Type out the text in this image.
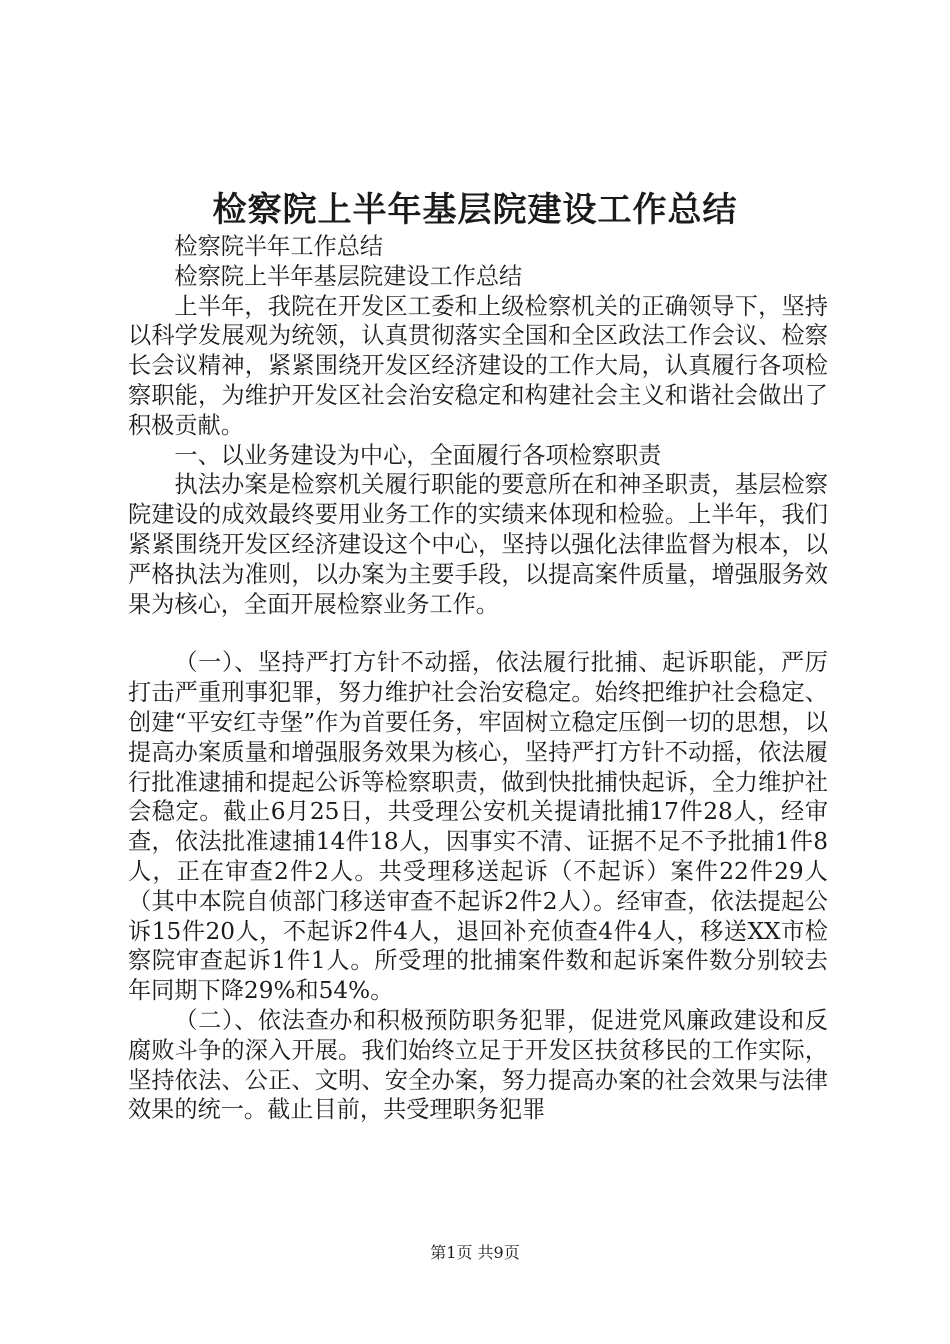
检察院上半年基层院建设工作总结

检察院半年工作总结

检察院上半年基层院建设工作总结

上半年，我院在开发区工委和上级检察机关的正确领导下，坚持以科学发展观为统领，认真贯彻落实全国和全区政法工作会议、检察长会议精神，紧紧围绕开发区经济建设的工作大局，认真履行各项检察职能，为维护开发区社会治安稳定和构建社会主义和谐社会做出了积极贡献。

一、以业务建设为中心，全面履行各项检察职责

执法办案是检察机关履行职能的要意所在和神圣职责，基层检察院建设的成效最终要用业务工作的实绩来体现和检验。上半年，我们紧紧围绕开发区经济建设这个中心，坚持以强化法律监督为根本，以严格执法为准则，以办案为主要手段，以提高案件质量，增强服务效果为核心，全面开展检察业务工作。

（一）、坚持严打方针不动摇，依法履行批捕、起诉职能，严厉打击严重刑事犯罪，努力维护社会治安稳定。始终把维护社会稳定、创建“平安红寺堡”作为首要任务，牢固树立稳定压倒一切的思想，以提高办案质量和增强服务效果为核心，坚持严打方针不动摇，依法履行批准逮捕和提起公诉等检察职责，做到快批捕快起诉，全力维护社会稳定。截止6月25日，共受理公安机关提请批捕17件28人，经审查，依法批准逮捕14件18人，因事实不清、证据不足不予批捕1件8人，正在审查2件2人。共受理移送起诉（不起诉）案件22件29人（其中本院自侦部门移送审查不起诉2件2人）。经审查，依法提起公诉15件20人，不起诉2件4人，退回补充侦查4件4人，移送XX市检察院审查起诉1件1人。所受理的批捕案件数和起诉案件数分别较去年同期下降29%和54%。

（二）、依法查办和积极预防职务犯罪，促进党风廉政建设和反腐败斗争的深入开展。我们始终立足于开发区扶贫移民的工作实际，坚持依法、公正、文明、安全办案，努力提高办案的社会效果与法律效果的统一。截止目前，共受理职务犯罪

第1页 共9页
